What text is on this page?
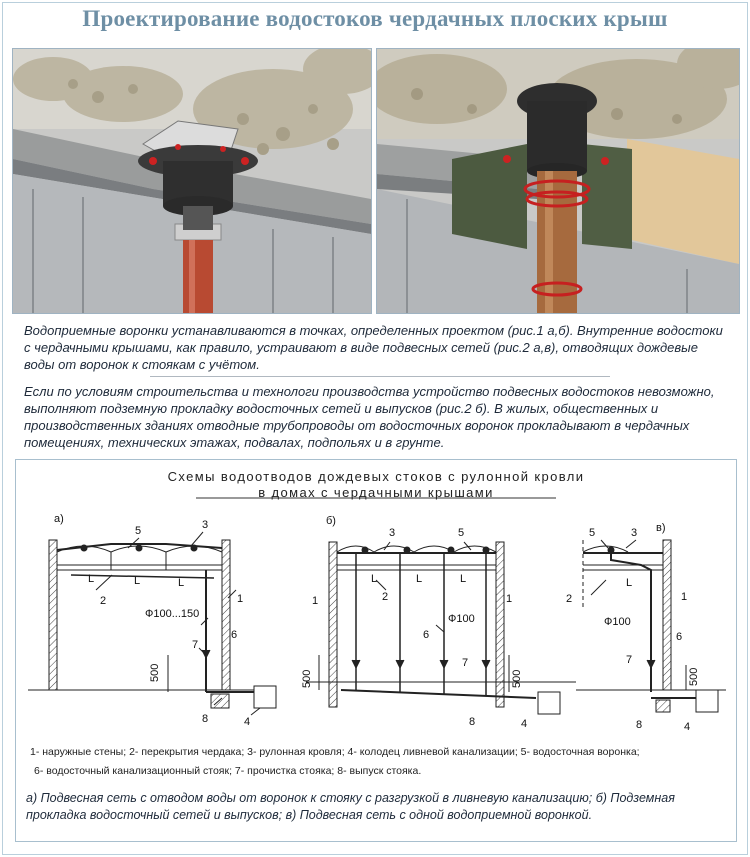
Проектирование водостоков чердачных плоских крыш
Водоприемные воронки устанавливаются в точках, определенных проектом (рис.1 а,б). Внутренние водостоки с чердачными крышами, как правило, устраивают в виде подвесных сетей (рис.2 а,в), отводящих дождевые воды от воронок к стоякам с учётом.
Если по условиям строительства и технологи производства устройство подвесных водостоков невозможно, выполняют подземную прокладку водосточных сетей и выпусков (рис.2 б). В жилых, общественных и производственных зданиях отводные трубопроводы от водосточных воронок прокладывают в чердачных помещениях, технических этажах, подвалах, подпольях и в грунте.
Схемы водоотводов дождевых стоков с рулонной кровли
в домах с чердачными крышами
а)
5	3
L	L	L
2	1
Ф100...150
6
7
500
8	4
б)
3	5
L	L	L
1	2	1
Ф100
6
7
500	500
8	4
5	3 в)
L
2	1
Ф100
6
7
500
8	4
1- наружные стены; 2- перекрытия чердака; 3- рулонная кровля; 4- колодец ливневой канализации; 5- водосточная воронка;
6- водосточный канализационный стояк; 7- прочистка стояка; 8- выпуск стояка.
а) Подвесная сеть с отводом воды от воронок к стояку с разгрузкой в ливневую канализацию; б) Подземная прокладка водосточный сетей и выпусков; в) Подвесная сеть с одной водоприемной воронкой.
